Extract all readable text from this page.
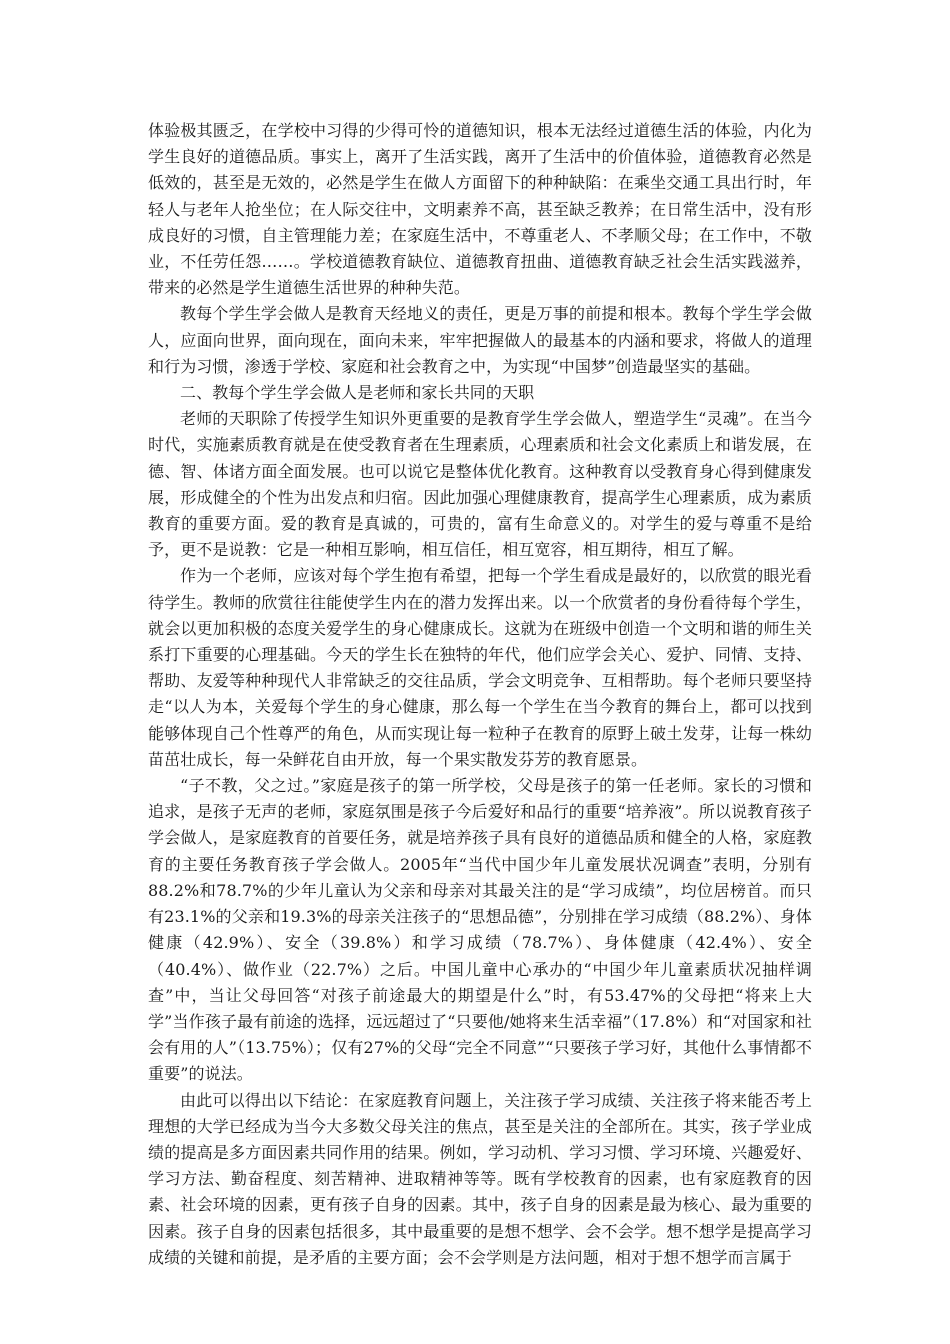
体验极其匮乏，在学校中习得的少得可怜的道德知识，根本无法经过道德生活的体验，内化为学生良好的道德品质。事实上，离开了生活实践，离开了生活中的价值体验，道德教育必然是低效的，甚至是无效的，必然是学生在做人方面留下的种种缺陷：在乘坐交通工具出行时，年轻人与老年人抢坐位；在人际交往中，文明素养不高，甚至缺乏教养；在日常生活中，没有形成良好的习惯，自主管理能力差；在家庭生活中，不尊重老人、不孝顺父母；在工作中，不敬业，不任劳任怨……。学校道德教育缺位、道德教育扭曲、道德教育缺乏社会生活实践滋养，带来的必然是学生道德生活世界的种种失范。

教每个学生学会做人是教育天经地义的责任，更是万事的前提和根本。教每个学生学会做人，应面向世界，面向现在，面向未来，牢牢把握做人的最基本的内涵和要求，将做人的道理和行为习惯，渗透于学校、家庭和社会教育之中，为实现“中国梦”创造最坚实的基础。

二、教每个学生学会做人是老师和家长共同的天职

老师的天职除了传授学生知识外更重要的是教育学生学会做人，塑造学生“灵魂”。在当今时代，实施素质教育就是在使受教育者在生理素质，心理素质和社会文化素质上和谐发展，在德、智、体诸方面全面发展。也可以说它是整体优化教育。这种教育以受教育身心得到健康发展，形成健全的个性为出发点和归宿。因此加强心理健康教育，提高学生心理素质，成为素质教育的重要方面。爱的教育是真诚的，可贵的，富有生命意义的。对学生的爱与尊重不是给予，更不是说教：它是一种相互影响，相互信任，相互宽容，相互期待，相互了解。

作为一个老师，应该对每个学生抱有希望，把每一个学生看成是最好的，以欣赏的眼光看待学生。教师的欣赏往往能使学生内在的潜力发挥出来。以一个欣赏者的身份看待每个学生，就会以更加积极的态度关爱学生的身心健康成长。这就为在班级中创造一个文明和谐的师生关系打下重要的心理基础。今天的学生长在独特的年代，他们应学会关心、爱护、同情、支持、帮助、友爱等种种现代人非常缺乏的交往品质，学会文明竞争、互相帮助。每个老师只要坚持走“以人为本，关爱每个学生的身心健康，那么每一个学生在当今教育的舞台上，都可以找到能够体现自己个性尊严的角色，从而实现让每一粒种子在教育的原野上破土发芽，让每一株幼苗茁壮成长，每一朵鲜花自由开放，每一个果实散发芬芳的教育愿景。

“子不教，父之过。”家庭是孩子的第一所学校，父母是孩子的第一任老师。家长的习惯和追求，是孩子无声的老师，家庭氛围是孩子今后爱好和品行的重要“培养液”。所以说教育孩子学会做人，是家庭教育的首要任务，就是培养孩子具有良好的道德品质和健全的人格，家庭教育的主要任务教育孩子学会做人。2005年“当代中国少年儿童发展状况调查”表明，分别有88.2%和78.7%的少年儿童认为父亲和母亲对其最关注的是“学习成绩”，均位居榜首。而只有23.1%的父亲和19.3%的母亲关注孩子的“思想品德”，分别排在学习成绩（88.2%）、身体健康（42.9%）、安全（39.8%）和学习成绩（78.7%）、身体健康（42.4%）、安全（40.4%）、做作业（22.7%）之后。中国儿童中心承办的“中国少年儿童素质状况抽样调查”中，当让父母回答“对孩子前途最大的期望是什么”时，有53.47%的父母把“将来上大学”当作孩子最有前途的选择，远远超过了“只要他/她将来生活幸福”（17.8%）和“对国家和社会有用的人”（13.75%）；仅有27%的父母“完全不同意”“只要孩子学习好，其他什么事情都不重要”的说法。

由此可以得出以下结论：在家庭教育问题上，关注孩子学习成绩、关注孩子将来能否考上理想的大学已经成为当今大多数父母关注的焦点，甚至是关注的全部所在。其实，孩子学业成绩的提高是多方面因素共同作用的结果。例如，学习动机、学习习惯、学习环境、兴趣爱好、学习方法、勤奋程度、刻苦精神、进取精神等等。既有学校教育的因素，也有家庭教育的因素、社会环境的因素，更有孩子自身的因素。其中，孩子自身的因素是最为核心、最为重要的因素。孩子自身的因素包括很多，其中最重要的是想不想学、会不会学。想不想学是提高学习成绩的关键和前提，是矛盾的主要方面；会不会学则是方法问题，相对于想不想学而言属于
